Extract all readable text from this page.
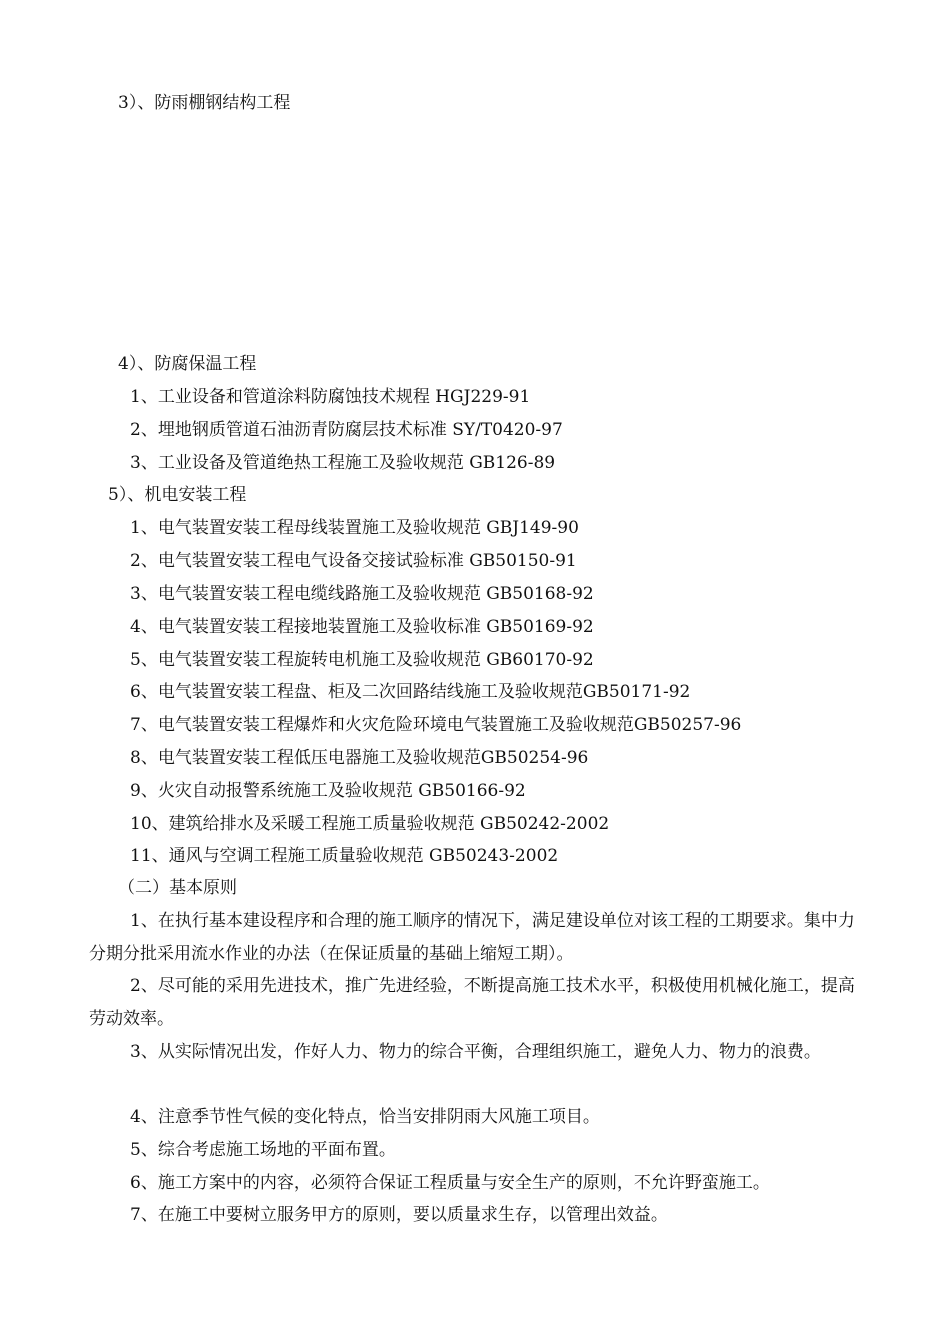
3）、防雨棚钢结构工程
4）、防腐保温工程
1、工业设备和管道涂料防腐蚀技术规程 HGJ229-91
2、埋地钢质管道石油沥青防腐层技术标准 SY/T0420-97
3、工业设备及管道绝热工程施工及验收规范 GB126-89
5）、机电安装工程
1、电气装置安装工程母线装置施工及验收规范 GBJ149-90
2、电气装置安装工程电气设备交接试验标准 GB50150-91
3、电气装置安装工程电缆线路施工及验收规范 GB50168-92
4、电气装置安装工程接地装置施工及验收标准 GB50169-92
5、电气装置安装工程旋转电机施工及验收规范 GB60170-92
6、电气装置安装工程盘、柜及二次回路结线施工及验收规范GB50171-92
7、电气装置安装工程爆炸和火灾危险环境电气装置施工及验收规范GB50257-96
8、电气装置安装工程低压电器施工及验收规范GB50254-96
9、火灾自动报警系统施工及验收规范 GB50166-92
10、建筑给排水及采暖工程施工质量验收规范 GB50242-2002
11、通风与空调工程施工质量验收规范 GB50243-2002
（二）基本原则
1、在执行基本建设程序和合理的施工顺序的情况下，满足建设单位对该工程的工期要求。集中力分期分批采用流水作业的办法（在保证质量的基础上缩短工期）。
2、尽可能的采用先进技术，推广先进经验，不断提高施工技术水平，积极使用机械化施工，提高劳动效率。
3、从实际情况出发，作好人力、物力的综合平衡，合理组织施工，避免人力、物力的浪费。
4、注意季节性气候的变化特点，恰当安排阴雨大风施工项目。
5、综合考虑施工场地的平面布置。
6、施工方案中的内容，必须符合保证工程质量与安全生产的原则，不允许野蛮施工。
7、在施工中要树立服务甲方的原则，要以质量求生存，以管理出效益。
